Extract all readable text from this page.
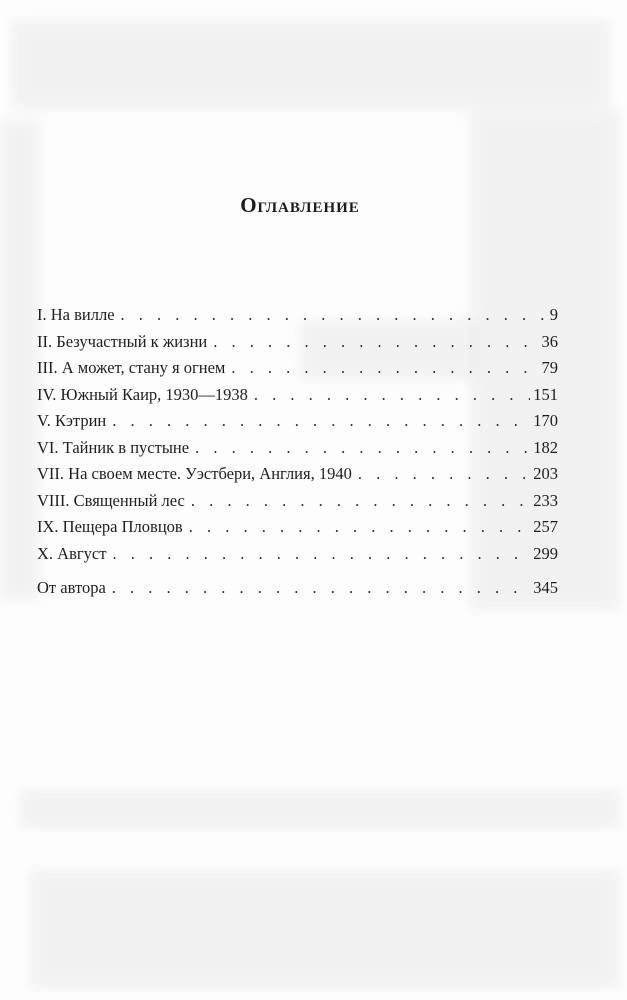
Оглавление
I. На вилле . . .	9
II. Безучастный к жизни . . .	36
III. А может, стану я огнем . . .	79
IV. Южный Каир, 1930—1938 . . .	151
V. Кэтрин . . .	170
VI. Тайник в пустыне . . .	182
VII. На своем месте. Уэстбери, Англия, 1940 . . .	203
VIII. Священный лес . . .	233
IX. Пещера Пловцов . . .	257
X. Август . . .	299
От автора . . .	345
